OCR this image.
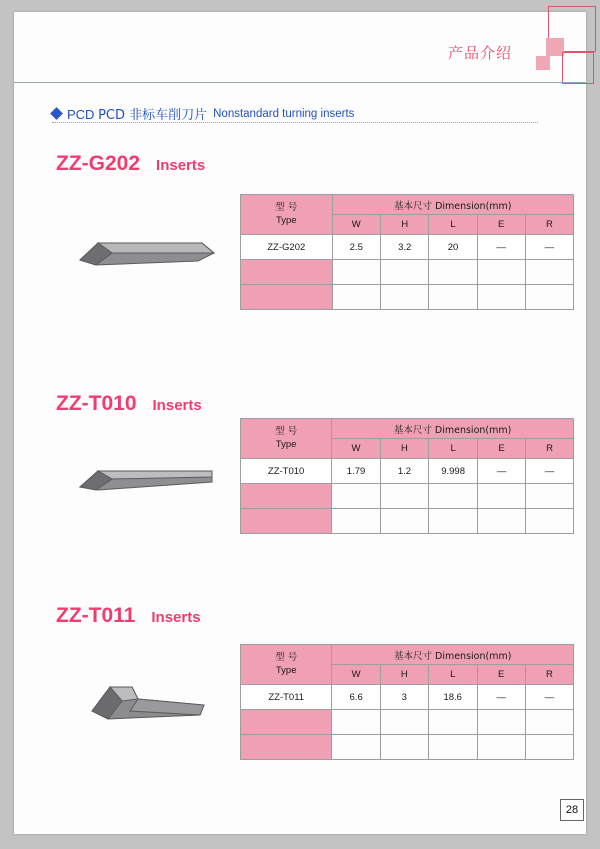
产品介绍
PCD PCD 非标车削刀片 Nonstandard turning inserts
ZZ-G202 Inserts
型 号
Type	基本尺寸 Dimension(mm)				
	W	H	L	E	R
ZZ-G202	2.5	3.2	20	—	—

ZZ-T010 Inserts
型 号
Type	基本尺寸 Dimension(mm)				
	W	H	L	E	R
ZZ-T010	1.79	1.2	9.998	—	—

ZZ-T011 Inserts
型 号
Type	基本尺寸 Dimension(mm)				
	W	H	L	E	R
ZZ-T011	6.6	3	18.6	—	—

28
